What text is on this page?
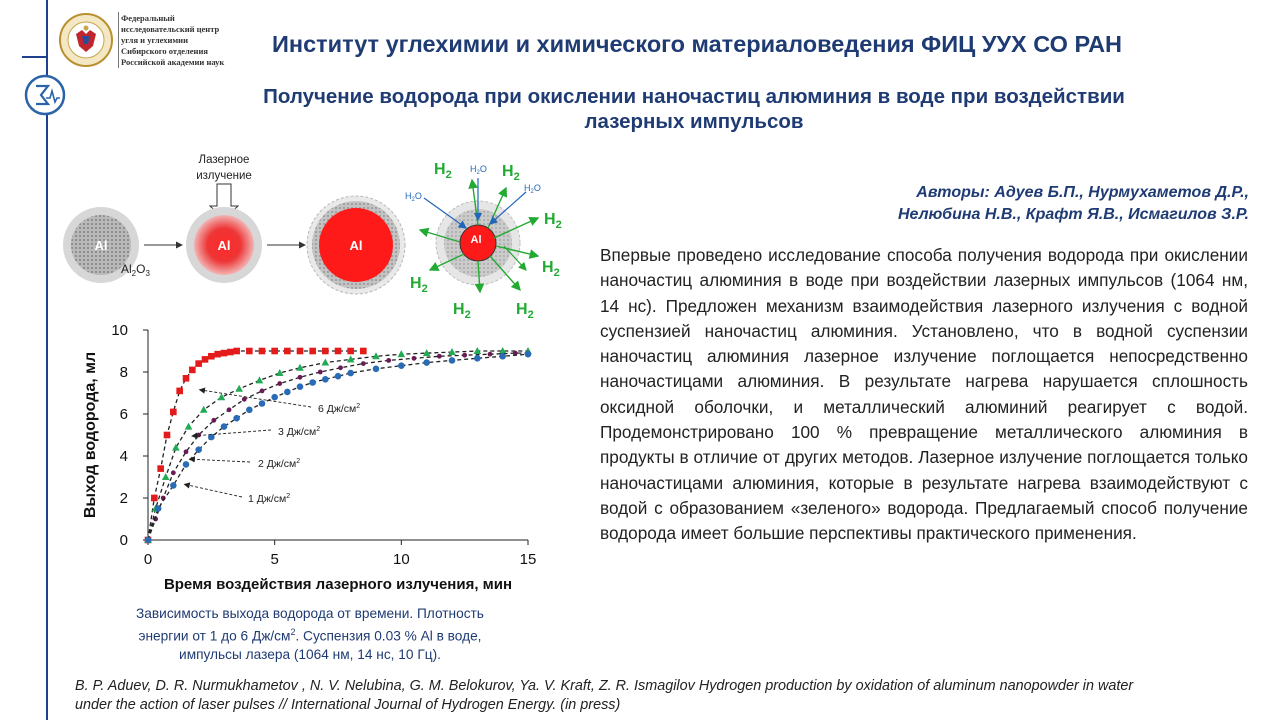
Федеральный
исследовательский центр
угля и углехимии
Сибирского отделения
Российской академии наук
Институт углехимии и химического материаловедения ФИЦ УУХ СО РАН
Получение водорода при окислении наночастиц алюминия в воде при воздействии лазерных импульсов
Авторы: Адуев Б.П., Нурмухаметов Д.Р.,
Нелюбина Н.В., Крафт Я.В., Исмагилов З.Р.
Впервые проведено исследование способа получения водорода при окислении наночастиц алюминия в воде при воздействии лазерных импульсов (1064 нм, 14 нс). Предложен механизм взаимодействия лазерного излучения с водной суспензией наночастиц алюминия. Установлено, что в водной суспензии наночастиц алюминия лазерное излучение поглощается непосредственно наночастицами алюминия. В результате нагрева нарушается сплошность оксидной оболочки, и металлический алюминий реагирует с водой. Продемонстрировано 100 % превращение металлического алюминия в продукты в отличие от других методов. Лазерное излучение поглощается только наночастицами алюминия, которые в результате нагрева взаимодействуют с водой с образованием «зеленого» водорода. Предлагаемый способ получение водорода имеет большие перспективы практического применения.
Al
$Al_2O_3$
Лазерное
излучение
Al	Al	Al
$H_2O$
$H_2O$
$H_2O$
$H_2$	$H_2$
$H_2$
$H_2$
$H_2$
$H_2$	$H_2$
0
2
4
6
8
10
0	5	10	15
6 $Дж/см^2$
3 $Дж/см^2$
2 $Дж/см^2$
1 $Дж/см^2$
Выход водорода, мл
Время воздействия лазерного излучения, мин
Зависимость выхода водорода от времени. Плотность
энергии от 1 до 6 $Дж/см^2$. Суспензия 0.03 % Al в воде,
импульсы лазера (1064 нм, 14 нс, 10 Гц).
B. P. Aduev, D. R. Nurmukhametov , N. V. Nelubina, G. M. Belokurov, Ya. V. Kraft, Z. R. Ismagilov Hydrogen production by oxidation of aluminum nanopowder in water under the action of laser pulses // International Journal of Hydrogen Energy. (in press)
